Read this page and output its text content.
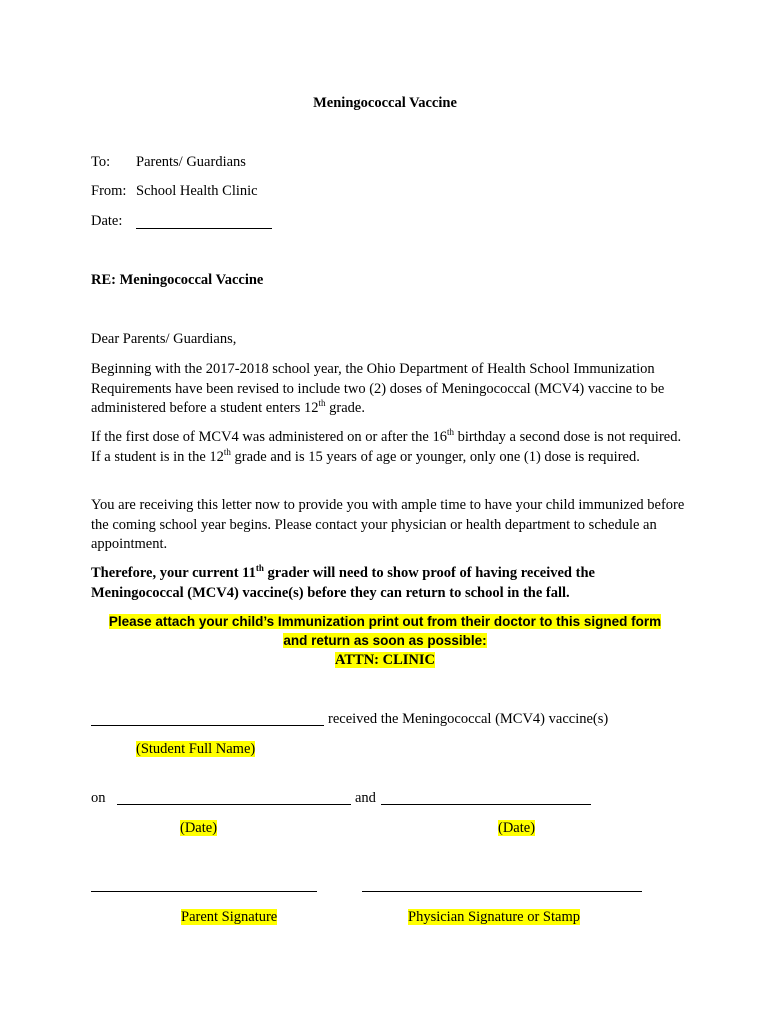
Meningococcal Vaccine
To: Parents/ Guardians
From: School Health Clinic
Date:
RE: Meningococcal Vaccine
Dear Parents/ Guardians,
Beginning with the 2017-2018 school year, the Ohio Department of Health School Immunization Requirements have been revised to include two (2) doses of Meningococcal (MCV4) vaccine to be administered before a student enters 12th grade.
If the first dose of MCV4 was administered on or after the 16th birthday a second dose is not required. If a student is in the 12th grade and is 15 years of age or younger, only one (1) dose is required.
You are receiving this letter now to provide you with ample time to have your child immunized before the coming school year begins. Please contact your physician or health department to schedule an appointment.
Therefore, your current 11th grader will need to show proof of having received the Meningococcal (MCV4) vaccine(s) before they can return to school in the fall.
Please attach your child’s Immunization print out from their doctor to this signed form
and return as soon as possible:
ATTN: CLINIC
received the Meningococcal (MCV4) vaccine(s)
(Student Full Name)
on	and
(Date)	(Date)
Parent Signature	Physician Signature or Stamp
